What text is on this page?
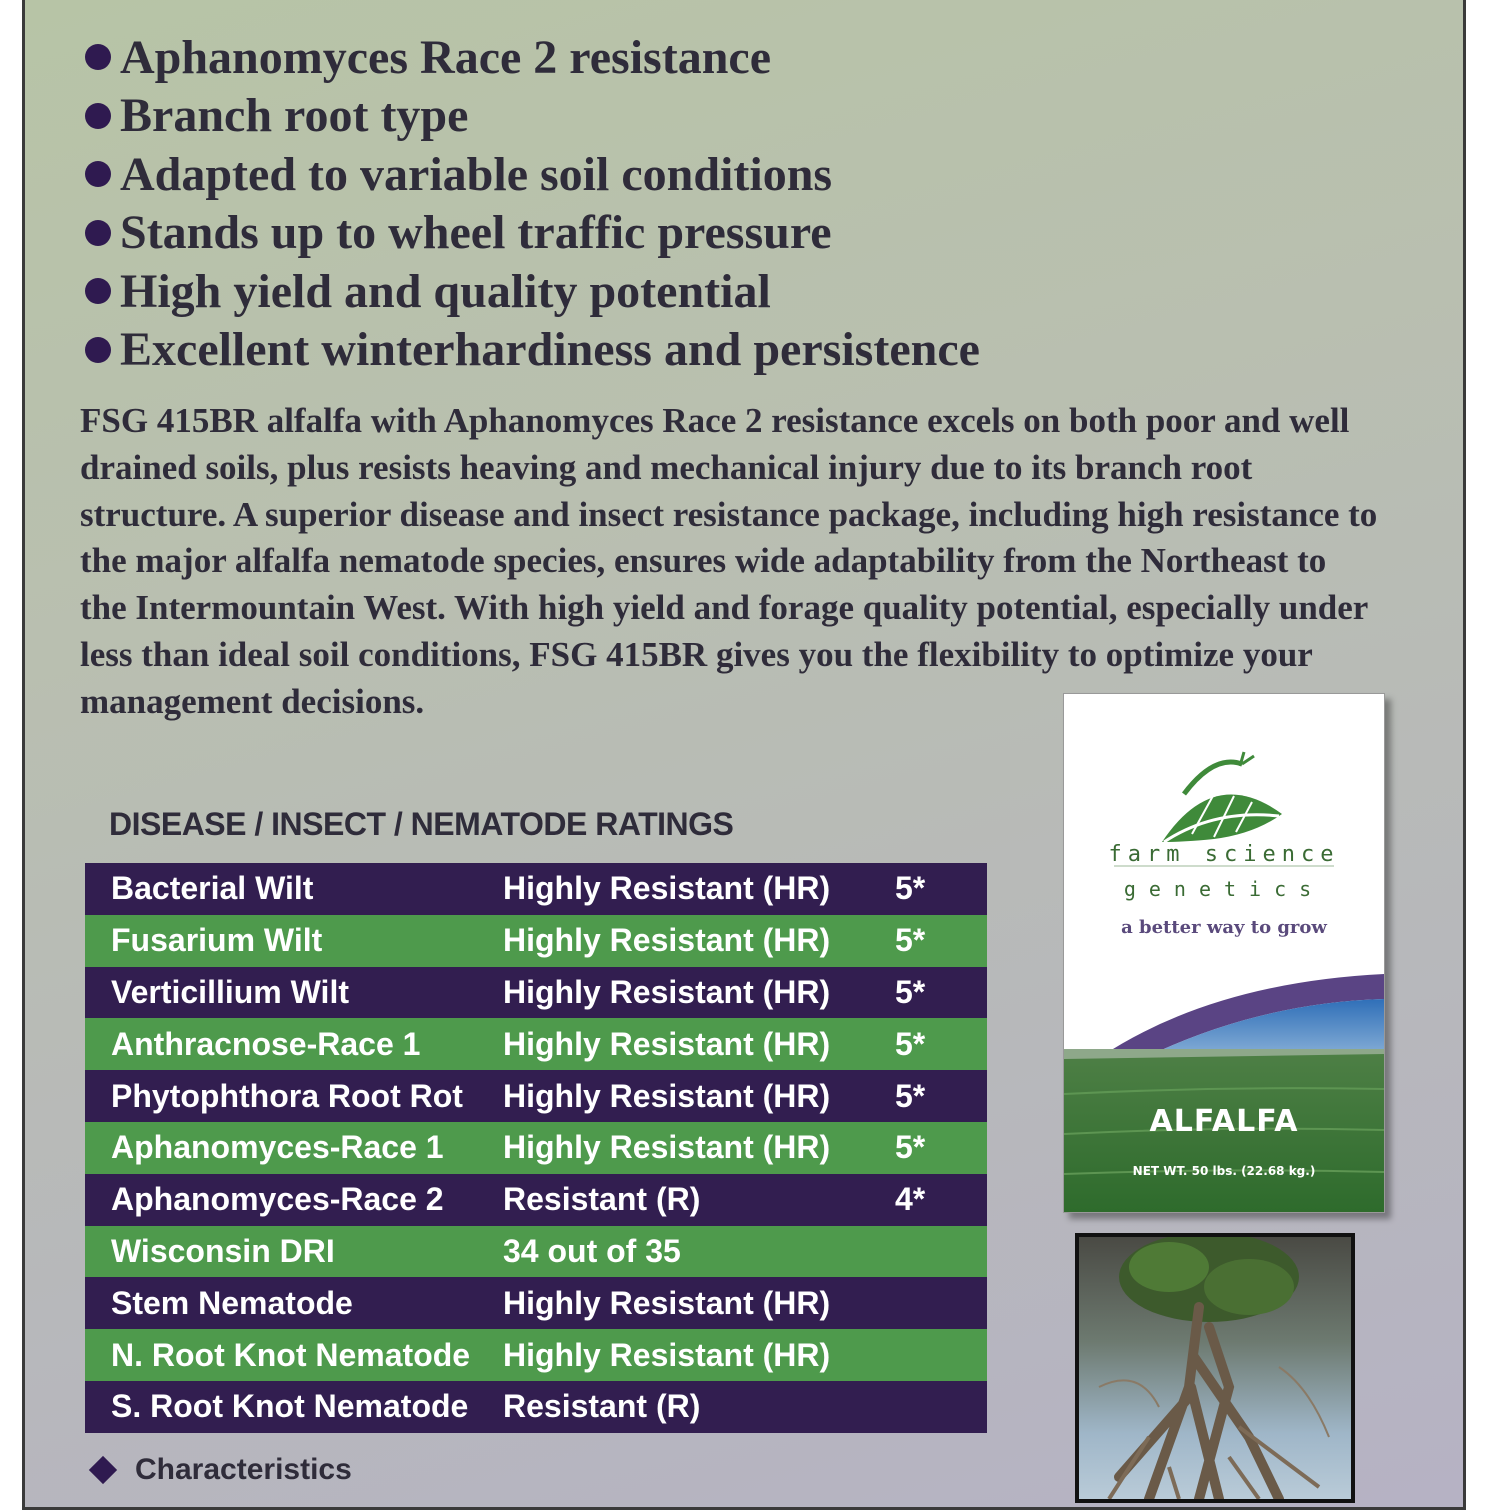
Aphanomyces Race 2 resistance
Branch root type
Adapted to variable soil conditions
Stands up to wheel traffic pressure
High yield and quality potential
Excellent winterhardiness and persistence

FSG 415BR alfalfa with Aphanomyces Race 2 resistance excels on both poor and well drained soils, plus resists heaving and mechanical injury due to its branch root structure. A superior disease and insect resistance package, including high resistance to the major alfalfa nematode species, ensures wide adaptability from the Northeast to the Intermountain West. With high yield and forage quality potential, especially under less than ideal soil conditions, FSG 415BR gives you the flexibility to optimize your management decisions.

DISEASE / INSECT / NEMATODE RATINGS
Bacterial Wilt	Highly Resistant (HR)	5*
Fusarium Wilt	Highly Resistant (HR)	5*
Verticillium Wilt	Highly Resistant (HR)	5*
Anthracnose-Race 1	Highly Resistant (HR)	5*
Phytophthora Root Rot	Highly Resistant (HR)	5*
Aphanomyces-Race 1	Highly Resistant (HR)	5*
Aphanomyces-Race 2	Resistant (R)	4*
Wisconsin DRI	34 out of 35
Stem Nematode	Highly Resistant (HR)
N. Root Knot Nematode	Highly Resistant (HR)
S. Root Knot Nematode	Resistant (R)
Characteristics
farm science
genetics
a better way to grow
ALFALFA
NET WT. 50 lbs. (22.68 kg.)
